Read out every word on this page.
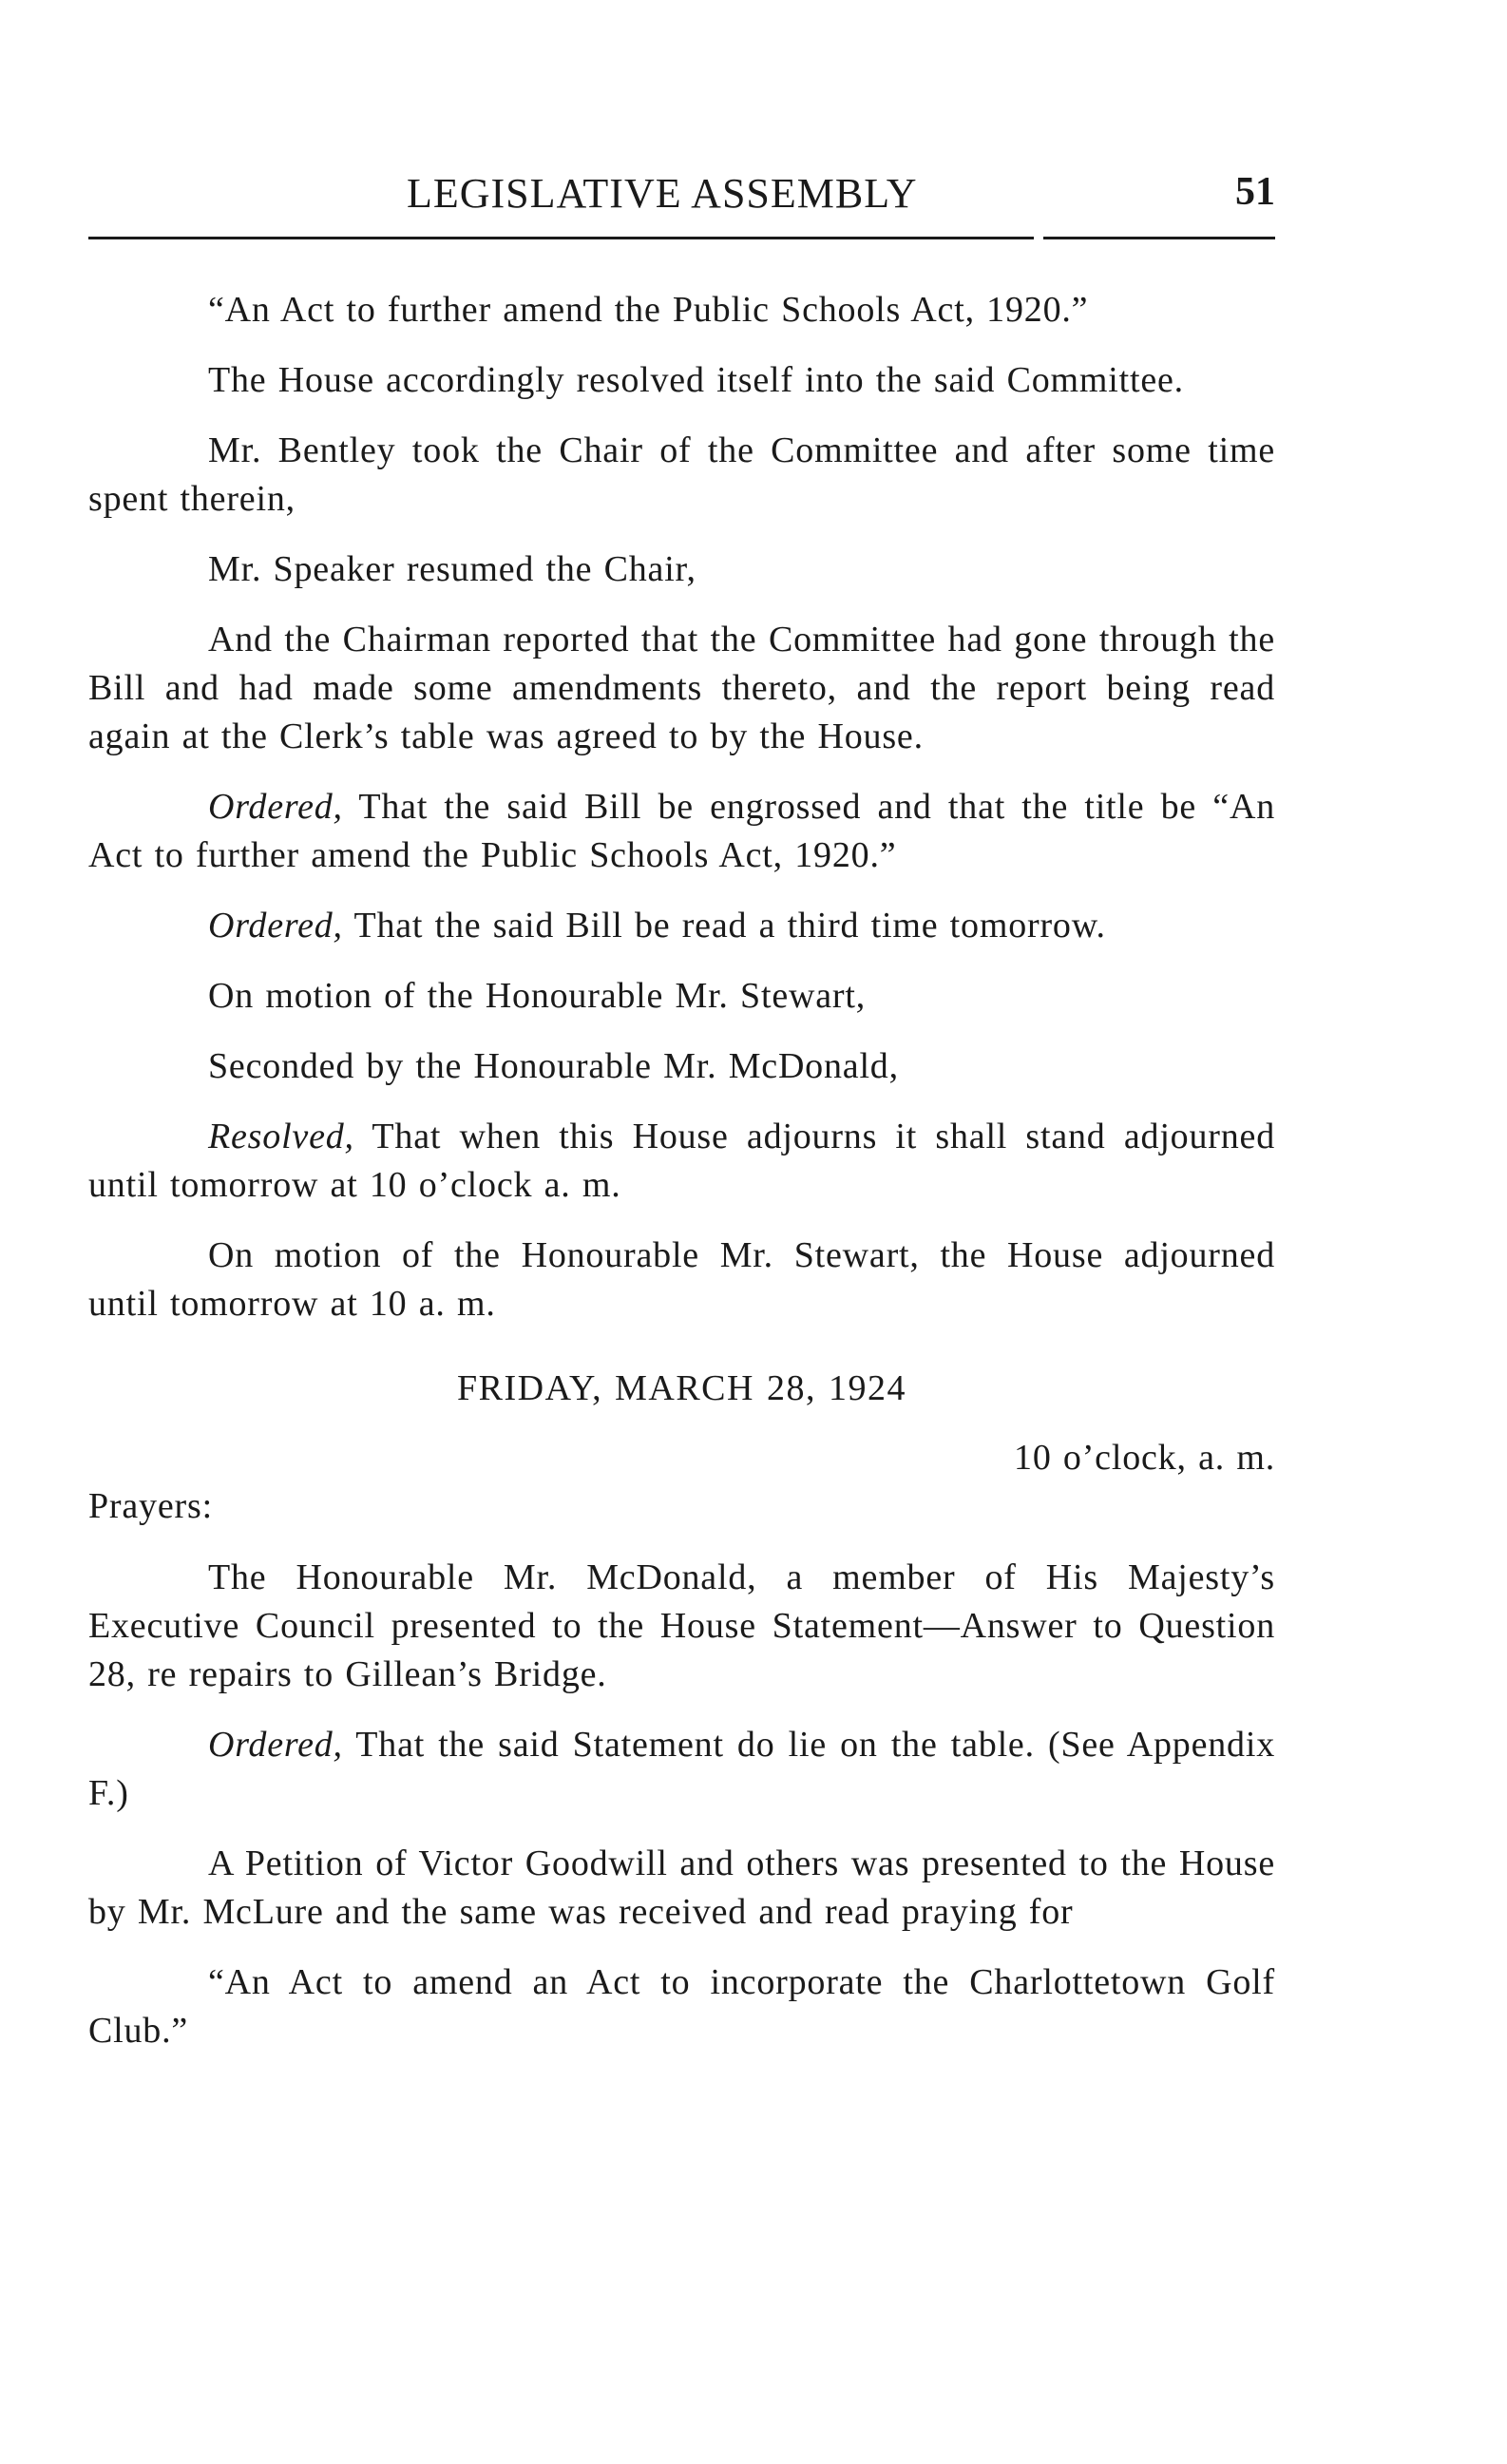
LEGISLATIVE ASSEMBLY	51

“An Act to further amend the Public Schools Act, 1920.”

The House accordingly resolved itself into the said Committee.

Mr. Bentley took the Chair of the Committee and after some time spent therein,

Mr. Speaker resumed the Chair,

And the Chairman reported that the Committee had gone through the Bill and had made some amendments thereto, and the report being read again at the Clerk’s table was agreed to by the House.

Ordered, That the said Bill be engrossed and that the title be “An Act to further amend the Public Schools Act, 1920.”

Ordered, That the said Bill be read a third time tomorrow.

On motion of the Honourable Mr. Stewart,

Seconded by the Honourable Mr. McDonald,

Resolved, That when this House adjourns it shall stand adjourned until tomorrow at 10 o’clock a. m.

On motion of the Honourable Mr. Stewart, the House adjourned until tomorrow at 10 a. m.

FRIDAY, MARCH 28, 1924

10 o’clock, a. m.

Prayers:

The Honourable Mr. McDonald, a member of His Majesty’s Executive Council presented to the House Statement—Answer to Question 28, re repairs to Gillean’s Bridge.

Ordered, That the said Statement do lie on the table. (See Appendix F.)

A Petition of Victor Goodwill and others was presented to the House by Mr. McLure and the same was received and read praying for

“An Act to amend an Act to incorporate the Charlottetown Golf Club.”
